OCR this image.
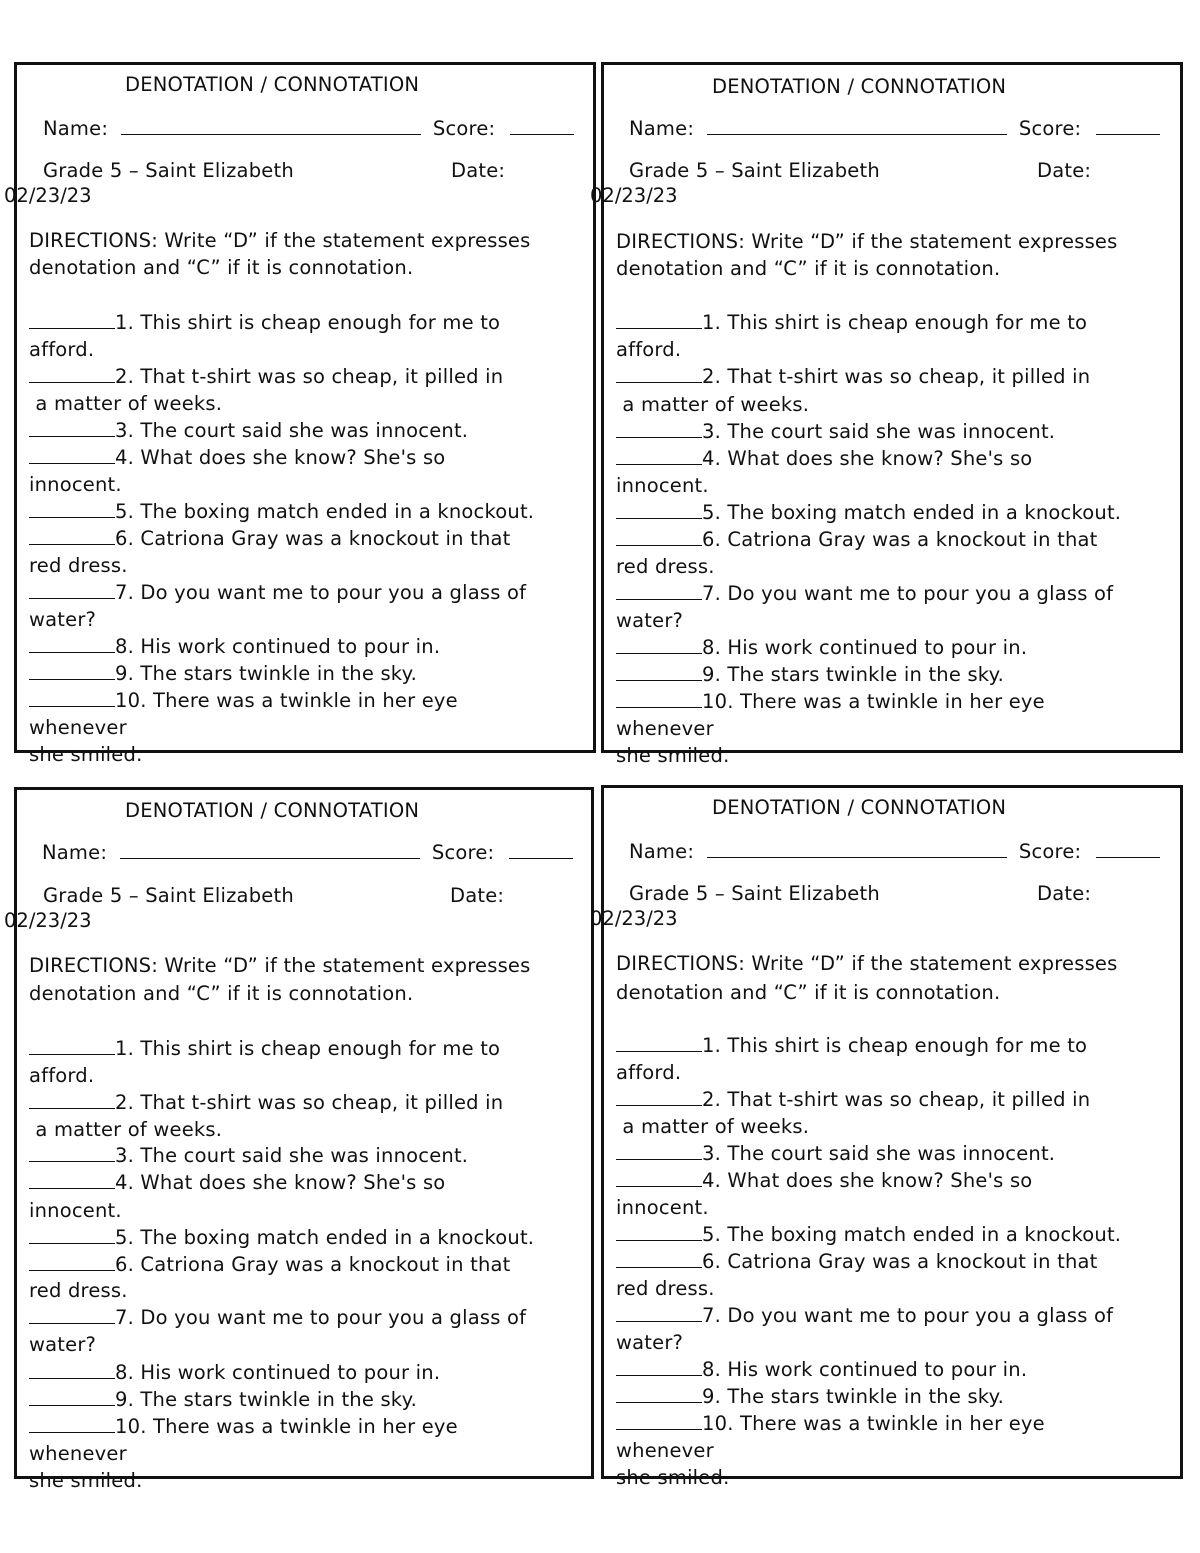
DENOTATION / CONNOTATION
Name:	Score:
Grade 5 – Saint Elizabeth	Date:
DIRECTIONS: Write “D” if the statement expresses
denotation and “C” if it is connotation.
1. This shirt is cheap enough for me to
afford.
2. That t-shirt was so cheap, it pilled in
a matter of weeks.
3. The court said she was innocent.
4. What does she know? She's so
innocent.
5. The boxing match ended in a knockout.
6. Catriona Gray was a knockout in that
red dress.
7. Do you want me to pour you a glass of
water?
8. His work continued to pour in.
9. The stars twinkle in the sky.
10. There was a twinkle in her eye
whenever
she smiled.
02/23/23
DENOTATION / CONNOTATION
Name:	Score:
Grade 5 – Saint Elizabeth	Date:
DIRECTIONS: Write “D” if the statement expresses
denotation and “C” if it is connotation.
1. This shirt is cheap enough for me to
afford.
2. That t-shirt was so cheap, it pilled in
a matter of weeks.
3. The court said she was innocent.
4. What does she know? She's so
innocent.
5. The boxing match ended in a knockout.
6. Catriona Gray was a knockout in that
red dress.
7. Do you want me to pour you a glass of
water?
8. His work continued to pour in.
9. The stars twinkle in the sky.
10. There was a twinkle in her eye
whenever
she smiled.
02/23/23
DENOTATION / CONNOTATION
Name:	Score:
Grade 5 – Saint Elizabeth	Date:
DIRECTIONS: Write “D” if the statement expresses
denotation and “C” if it is connotation.
1. This shirt is cheap enough for me to
afford.
2. That t-shirt was so cheap, it pilled in
a matter of weeks.
3. The court said she was innocent.
4. What does she know? She's so
innocent.
5. The boxing match ended in a knockout.
6. Catriona Gray was a knockout in that
red dress.
7. Do you want me to pour you a glass of
water?
8. His work continued to pour in.
9. The stars twinkle in the sky.
10. There was a twinkle in her eye
whenever
she smiled.
02/23/23
DENOTATION / CONNOTATION
Name:	Score:
Grade 5 – Saint Elizabeth	Date:
DIRECTIONS: Write “D” if the statement expresses
denotation and “C” if it is connotation.
1. This shirt is cheap enough for me to
afford.
2. That t-shirt was so cheap, it pilled in
a matter of weeks.
3. The court said she was innocent.
4. What does she know? She's so
innocent.
5. The boxing match ended in a knockout.
6. Catriona Gray was a knockout in that
red dress.
7. Do you want me to pour you a glass of
water?
8. His work continued to pour in.
9. The stars twinkle in the sky.
10. There was a twinkle in her eye
whenever
she smiled.
02/23/23
